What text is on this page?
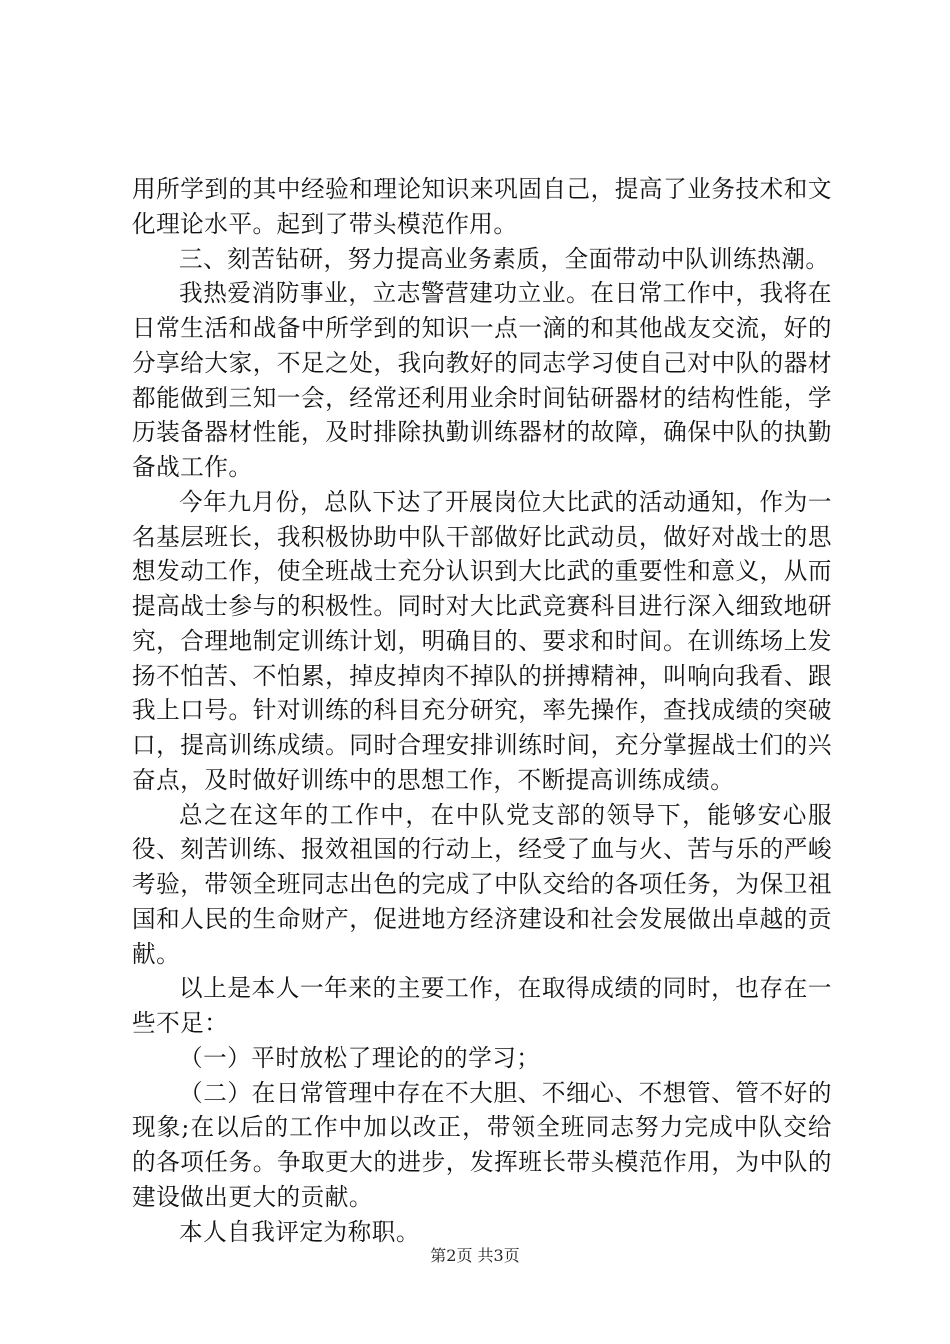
用所学到的其中经验和理论知识来巩固自己，提高了业务技术和文化理论水平。起到了带头模范作用。

三、刻苦钻研，努力提高业务素质，全面带动中队训练热潮。

我热爱消防事业，立志警营建功立业。在日常工作中，我将在日常生活和战备中所学到的知识一点一滴的和其他战友交流，好的分享给大家，不足之处，我向教好的同志学习使自己对中队的器材都能做到三知一会，经常还利用业余时间钻研器材的结构性能，学历装备器材性能，及时排除执勤训练器材的故障，确保中队的执勤备战工作。

今年九月份，总队下达了开展岗位大比武的活动通知，作为一名基层班长，我积极协助中队干部做好比武动员，做好对战士的思想发动工作，使全班战士充分认识到大比武的重要性和意义，从而提高战士参与的积极性。同时对大比武竞赛科目进行深入细致地研究，合理地制定训练计划，明确目的、要求和时间。在训练场上发扬不怕苦、不怕累，掉皮掉肉不掉队的拼搏精神，叫响向我看、跟我上口号。针对训练的科目充分研究，率先操作，查找成绩的突破口，提高训练成绩。同时合理安排训练时间，充分掌握战士们的兴奋点，及时做好训练中的思想工作，不断提高训练成绩。

总之在这年的工作中，在中队党支部的领导下，能够安心服役、刻苦训练、报效祖国的行动上，经受了血与火、苦与乐的严峻考验，带领全班同志出色的完成了中队交给的各项任务，为保卫祖国和人民的生命财产，促进地方经济建设和社会发展做出卓越的贡献。

以上是本人一年来的主要工作，在取得成绩的同时，也存在一些不足：

（一）平时放松了理论的的学习；

（二）在日常管理中存在不大胆、不细心、不想管、管不好的现象;在以后的工作中加以改正，带领全班同志努力完成中队交给的各项任务。争取更大的进步，发挥班长带头模范作用，为中队的建设做出更大的贡献。

本人自我评定为称职。

第2页 共3页
